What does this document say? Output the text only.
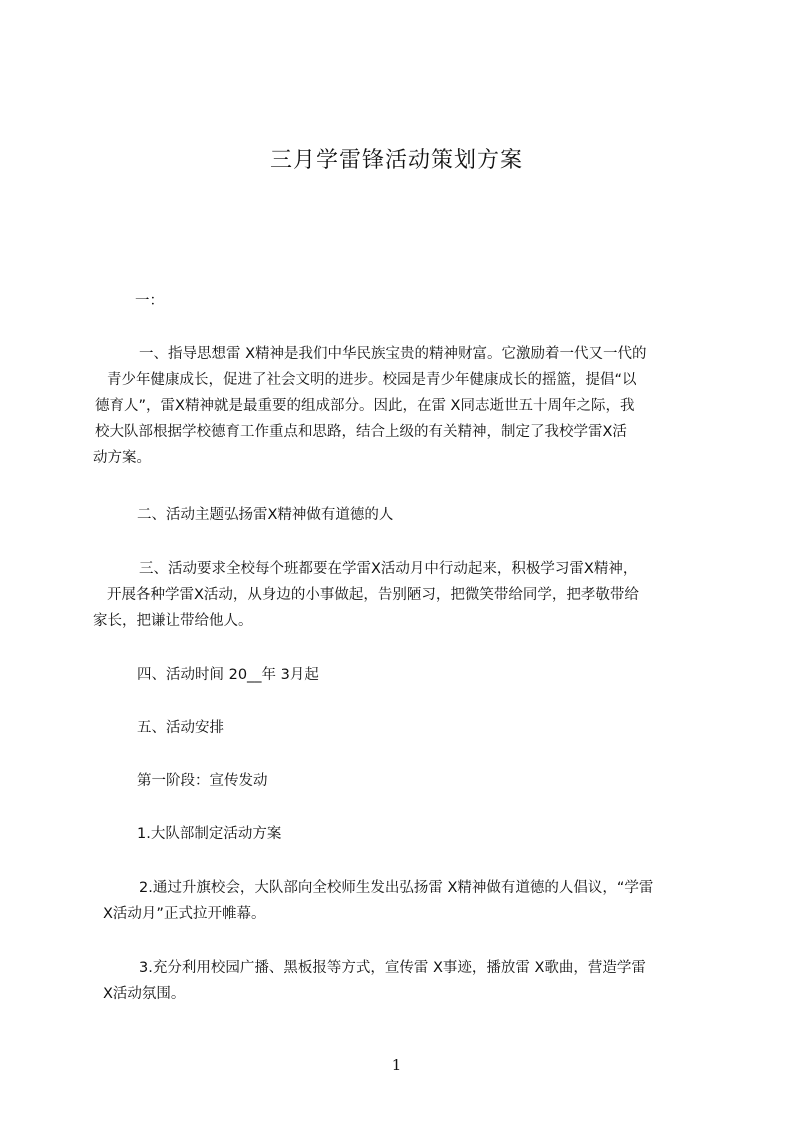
三月学雷锋活动策划方案
一：
一、指导思想雷 X精神是我们中华民族宝贵的精神财富。它激励着一代又一代的
青少年健康成长，促进了社会文明的进步。校园是青少年健康成长的摇篮，提倡“以
德育人”，雷X精神就是最重要的组成部分。因此，在雷 X同志逝世五十周年之际，我
校大队部根据学校德育工作重点和思路，结合上级的有关精神，制定了我校学雷X活
动方案。
二、活动主题弘扬雷X精神做有道德的人
三、活动要求全校每个班都要在学雷X活动月中行动起来，积极学习雷X精神，
开展各种学雷X活动，从身边的小事做起，告别陋习，把微笑带给同学，把孝敬带给
家长，把谦让带给他人。
四、活动时间 20__年 3月起
五、活动安排
第一阶段：宣传发动
1.大队部制定活动方案
2.通过升旗校会，大队部向全校师生发出弘扬雷 X精神做有道德的人倡议，“学雷
X活动月”正式拉开帷幕。
3.充分利用校园广播、黑板报等方式，宣传雷 X事迹，播放雷 X歌曲，营造学雷
X活动氛围。
1
